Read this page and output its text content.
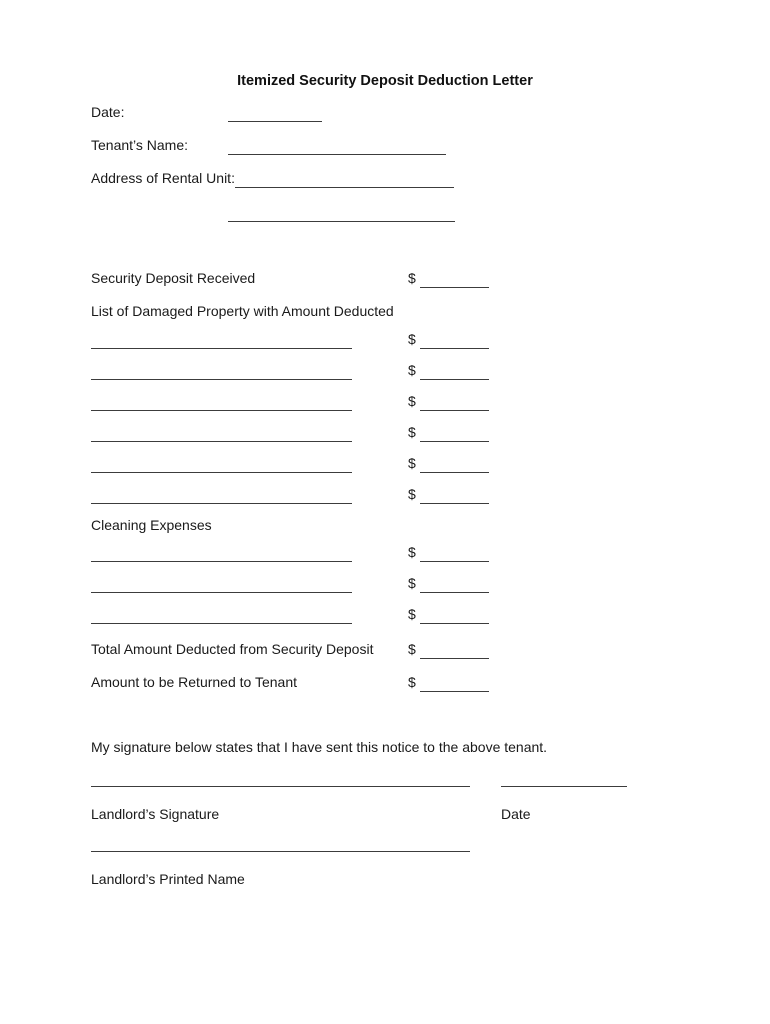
Itemized Security Deposit Deduction Letter
Date:
Tenant’s Name:
Address of Rental Unit:
Security Deposit Received	$
List of Damaged Property with Amount Deducted
$
$
$
$
$
$
Cleaning Expenses
$
$
$
Total Amount Deducted from Security Deposit $
Amount to be Returned to Tenant	$
My signature below states that I have sent this notice to the above tenant.
Landlord’s Signature	Date
Landlord’s Printed Name
